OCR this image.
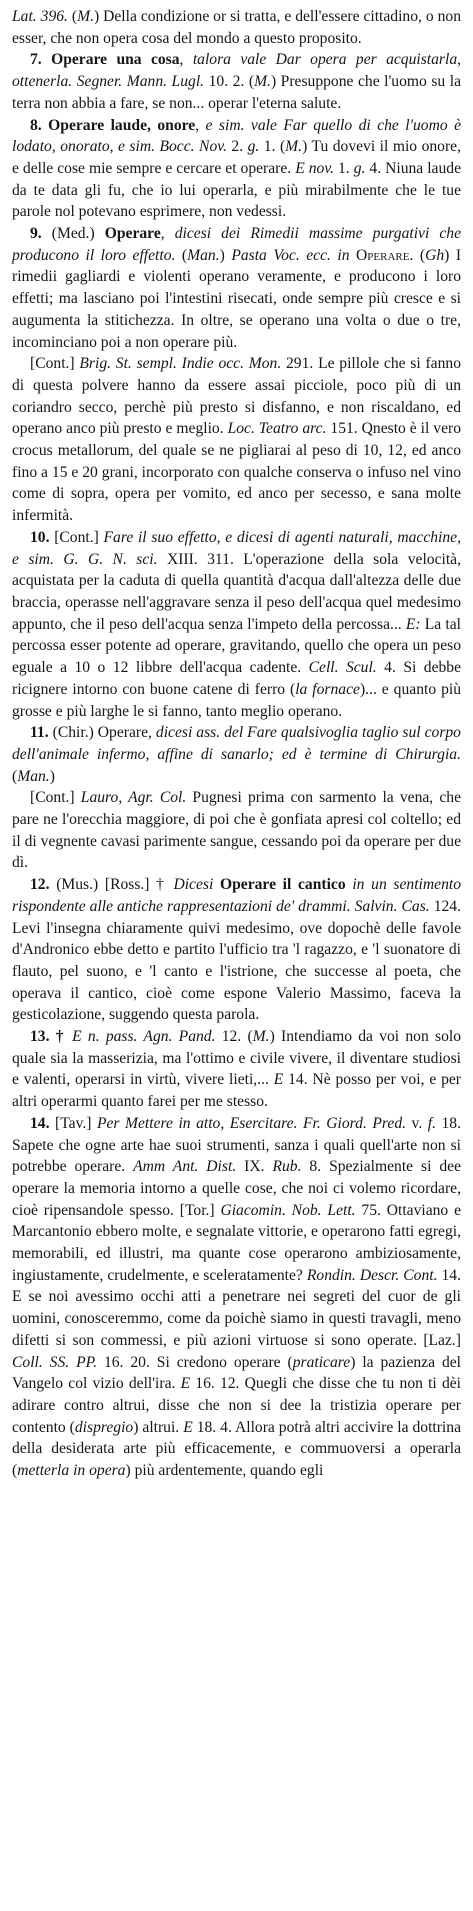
Lat. 396. (M.) Della condizione or si tratta, e dell'essere cittadino, o non esser, che non opera cosa del mondo a questo proposito.

7. Operare una cosa, talora vale Dar opera per acquistarla, ottenerla. Segner. Mann. Lugl. 10. 2. (M.) Presuppone che l'uomo su la terra non abbia a fare, se non... operar l'eterna salute.

8. Operare laude, onore, e sim. vale Far quello di che l'uomo è lodato, onorato, e sim. Bocc. Nov. 2. g. 1. (M.) Tu dovevi il mio onore, e delle cose mie sempre e cercare et operare. E nov. 1. g. 4. Niuna laude da te data gli fu, che io lui operarla, e più mirabilmente che le tue parole nol potevano esprimere, non vedessi.

9. (Med.) Operare, dicesi dei Rimedii massime purgativi che producono il loro effetto. (Man.) Pasta Voc. ecc. in Operare. (Gh) I rimedii gagliardi e violenti operano veramente, e producono i loro effetti; ma lasciano poi l'intestini risecati, onde sempre più cresce e si augumenta la stitichezza. In oltre, se operano una volta o due o tre, incominciano poi a non operare più.

[Cont.] Brig. St. sempl. Indie occ. Mon. 291. Le pillole che si fanno di questa polvere hanno da essere assai picciole, poco più di un coriandro secco, perchè più presto si disfanno, e non riscaldano, ed operano anco più presto e meglio. Loc. Teatro arc. 151. Qnesto è il vero crocus metallorum, del quale se ne pigliarai al peso di 10, 12, ed anco fino a 15 e 20 grani, incorporato con qualche conserva o infuso nel vino come di sopra, opera per vomito, ed anco per secesso, e sana molte infermità.

10. [Cont.] Fare il suo effetto, e dicesi di agenti naturali, macchine, e sim. G. G. N. sci. XIII. 311. L'operazione della sola velocità, acquistata per la caduta di quella quantità d'acqua dall'altezza delle due braccia, operasse nell'aggravare senza il peso dell'acqua quel medesimo appunto, che il peso dell'acqua senza l'impeto della percossa... E: La tal percossa esser potente ad operare, gravitando, quello che opera un peso eguale a 10 o 12 libbre dell'acqua cadente. Cell. Scul. 4. Si debbe ricignere intorno con buone catene di ferro (la fornace)... e quanto più grosse e più larghe le si fanno, tanto meglio operano.

11. (Chir.) Operare, dicesi ass. del Fare qualsivoglia taglio sul corpo dell'animale infermo, affine di sanarlo; ed è termine di Chirurgia. (Man.)

[Cont.] Lauro, Agr. Col. Pugnesi prima con sarmento la vena, che pare ne l'orecchia maggiore, di poi che è gonfiata apresi col coltello; ed il di vegnente cavasi parimente sangue, cessando poi da operare per due dì.

12. (Mus.) [Ross.] † Dicesi Operare il cantico in un sentimento rispondente alle antiche rappresentazioni de' drammi. Salvin. Cas. 124. Levi l'insegna chiaramente quivi medesimo, ove dopochè delle favole d'Andronico ebbe detto e partito l'ufficio tra 'l ragazzo, e 'l suonatore di flauto, pel suono, e 'l canto e l'istrione, che successe al poeta, che operava il cantico, cioè come espone Valerio Massimo, faceva la gesticolazione, suggendo questa parola.

13. † E n. pass. Agn. Pand. 12. (M.) Intendiamo da voi non solo quale sia la masserizia, ma l'ottimo e civile vivere, il diventare studiosi e valenti, operarsi in virtù, vivere lieti,... E 14. Nè posso per voi, e per altri operarmi quanto farei per me stesso.

14. [Tav.] Per Mettere in atto, Esercitare. Fr. Giord. Pred. v. f. 18. Sapete che ogne arte hae suoi strumenti, sanza i quali quell'arte non si potrebbe operare. Amm Ant. Dist. IX. Rub. 8. Spezialmente si dee operare la memoria intorno a quelle cose, che noi ci volemo ricordare, cioè ripensandole spesso. [Tor.] Giacomin. Nob. Lett. 75. Ottaviano e Marcantonio ebbero molte, e segnalate vittorie, e operarono fatti egregi, memorabili, ed illustri, ma quante cose operarono ambiziosamente, ingiustamente, crudelmente, e sceleratamente? Rondin. Descr. Cont. 14. E se noi avessimo occhi atti a penetrare nei segreti del cuor de gli uomini, conosceremmo, come da poichè siamo in questi travagli, meno difetti si son commessi, e più azioni virtuose si sono operate. [Laz.] Coll. SS. PP. 16. 20. Si credono operare (praticare) la pazienza del Vangelo col vizio dell'ira. E 16. 12. Quegli che disse che tu non ti dèi adirare contro altrui, disse che non si dee la tristizia operare per contento (dispregio) altrui. E 18. 4. Allora potrà altri accivire la dottrina della desiderata arte più efficacemente, e commuoversi a operarla (metterla in opera) più ardentemente, quando egli
